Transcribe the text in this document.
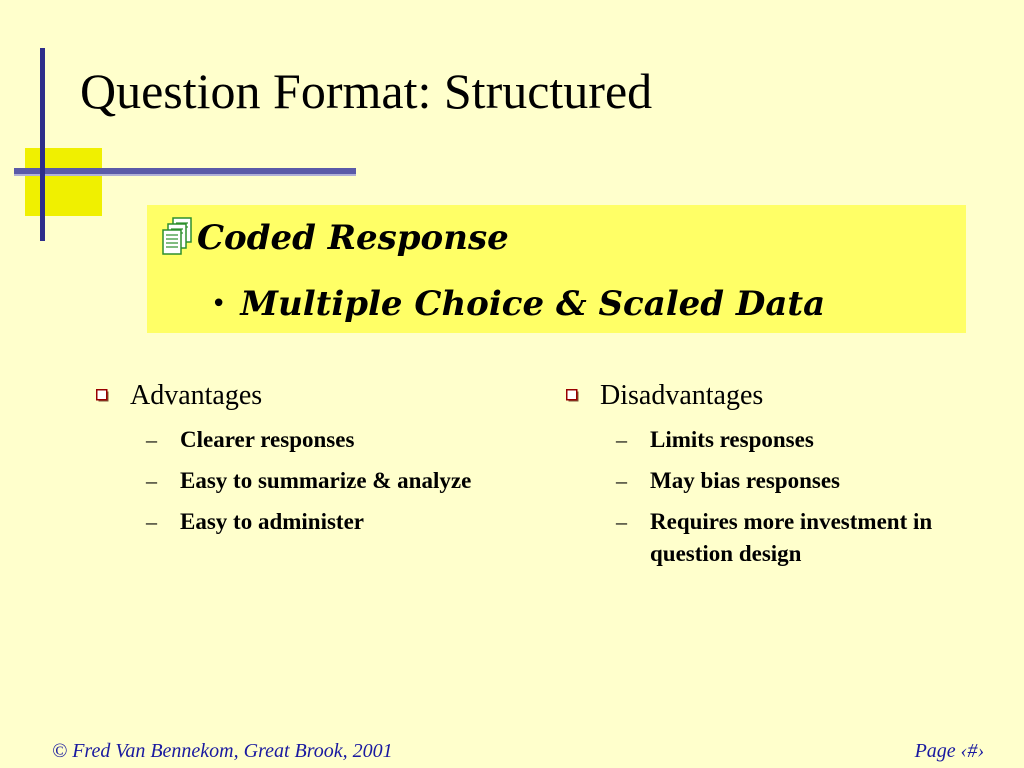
Question Format: Structured
Coded Response
• Multiple Choice & Scaled Data
Advantages
–	Clearer responses
–	Easy to summarize & analyze
–	Easy to administer
Disadvantages
–	Limits responses
–	May bias responses
–	Requires more investment in question design
© Fred Van Bennekom, Great Brook, 2001	Page ‹#›
